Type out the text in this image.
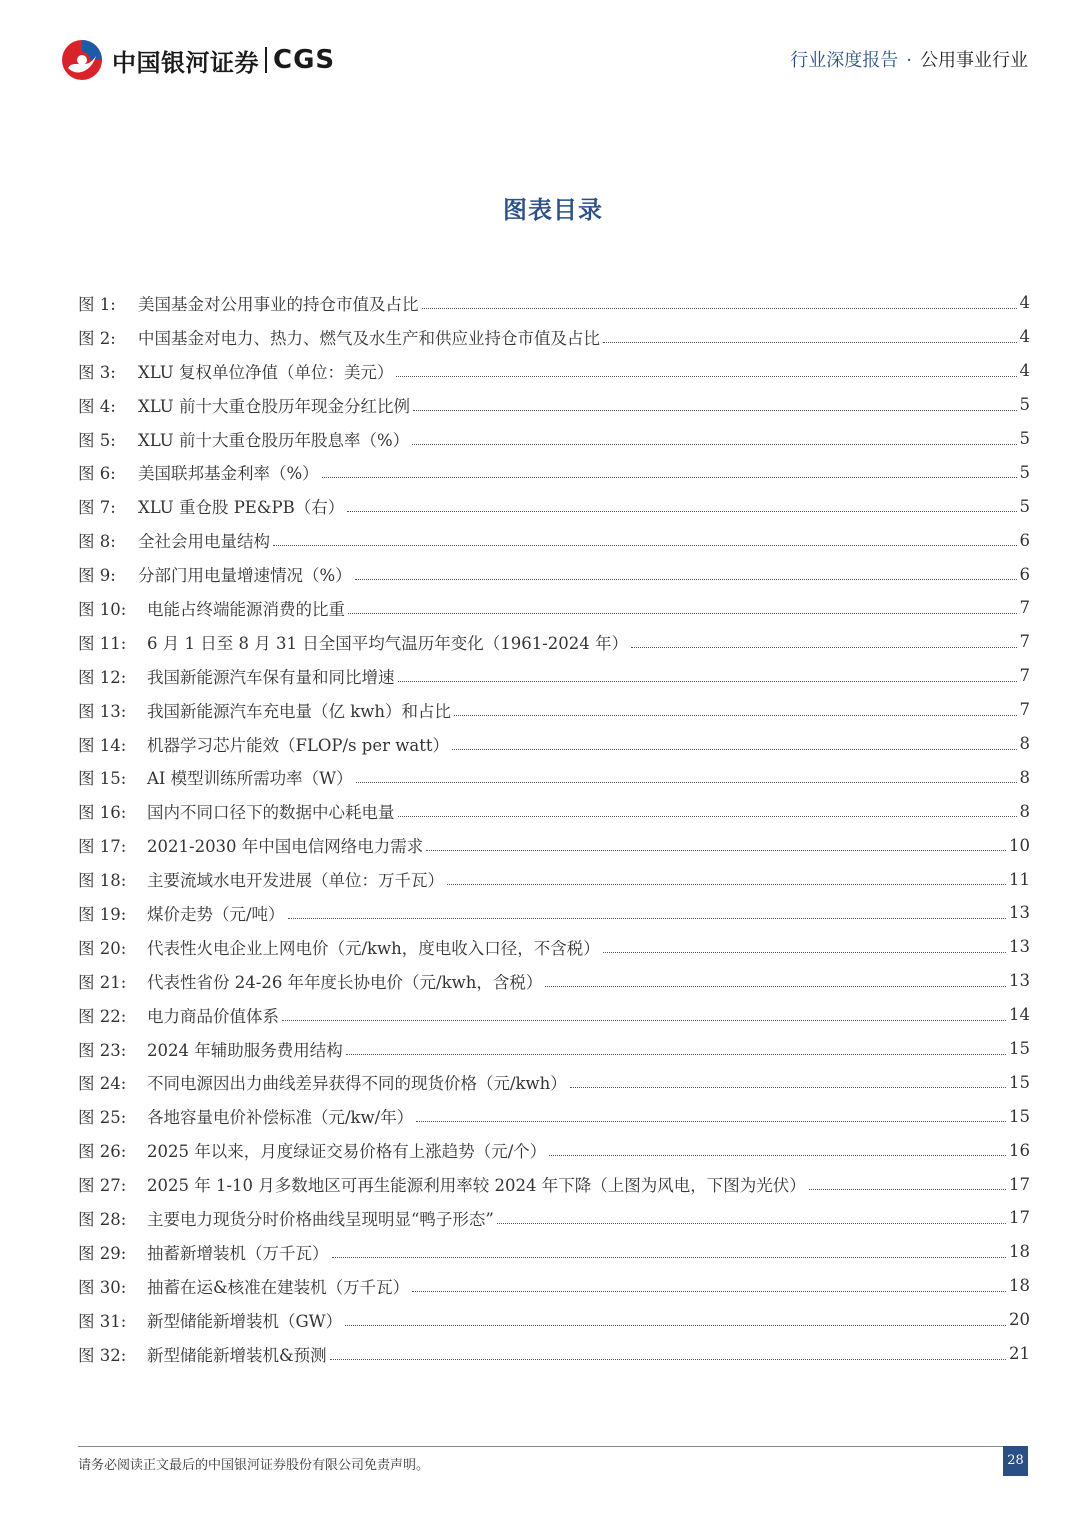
中国银河证券 CGS	行业深度报告 · 公用事业行业
图表目录
图 1:	美国基金对公用事业的持仓市值及占比	4
图 2:	中国基金对电力、热力、燃气及水生产和供应业持仓市值及占比	4
图 3:	XLU 复权单位净值（单位：美元）	4
图 4:	XLU 前十大重仓股历年现金分红比例	5
图 5:	XLU 前十大重仓股历年股息率（%）	5
图 6:	美国联邦基金利率（%）	5
图 7:	XLU 重仓股 PE&PB（右）	5
图 8:	全社会用电量结构	6
图 9:	分部门用电量增速情况（%）	6
图 10:	电能占终端能源消费的比重	7
图 11:	6 月 1 日至 8 月 31 日全国平均气温历年变化（1961-2024 年）	7
图 12:	我国新能源汽车保有量和同比增速	7
图 13:	我国新能源汽车充电量（亿 kwh）和占比	7
图 14:	机器学习芯片能效（FLOP/s per watt）	8
图 15:	AI 模型训练所需功率（W）	8
图 16:	国内不同口径下的数据中心耗电量	8
图 17:	2021-2030 年中国电信网络电力需求	10
图 18:	主要流域水电开发进展（单位：万千瓦）	11
图 19:	煤价走势（元/吨）	13
图 20:	代表性火电企业上网电价（元/kwh，度电收入口径，不含税）	13
图 21:	代表性省份 24-26 年年度长协电价（元/kwh，含税）	13
图 22:	电力商品价值体系	14
图 23:	2024 年辅助服务费用结构	15
图 24:	不同电源因出力曲线差异获得不同的现货价格（元/kwh）	15
图 25:	各地容量电价补偿标准（元/kw/年）	15
图 26:	2025 年以来，月度绿证交易价格有上涨趋势（元/个）	16
图 27:	2025 年 1-10 月多数地区可再生能源利用率较 2024 年下降（上图为风电，下图为光伏）	17
图 28:	主要电力现货分时价格曲线呈现明显“鸭子形态”	17
图 29:	抽蓄新增装机（万千瓦）	18
图 30:	抽蓄在运&核准在建装机（万千瓦）	18
图 31:	新型储能新增装机（GW）	20
图 32:	新型储能新增装机&预测	21
请务必阅读正文最后的中国银河证券股份有限公司免责声明。	28
